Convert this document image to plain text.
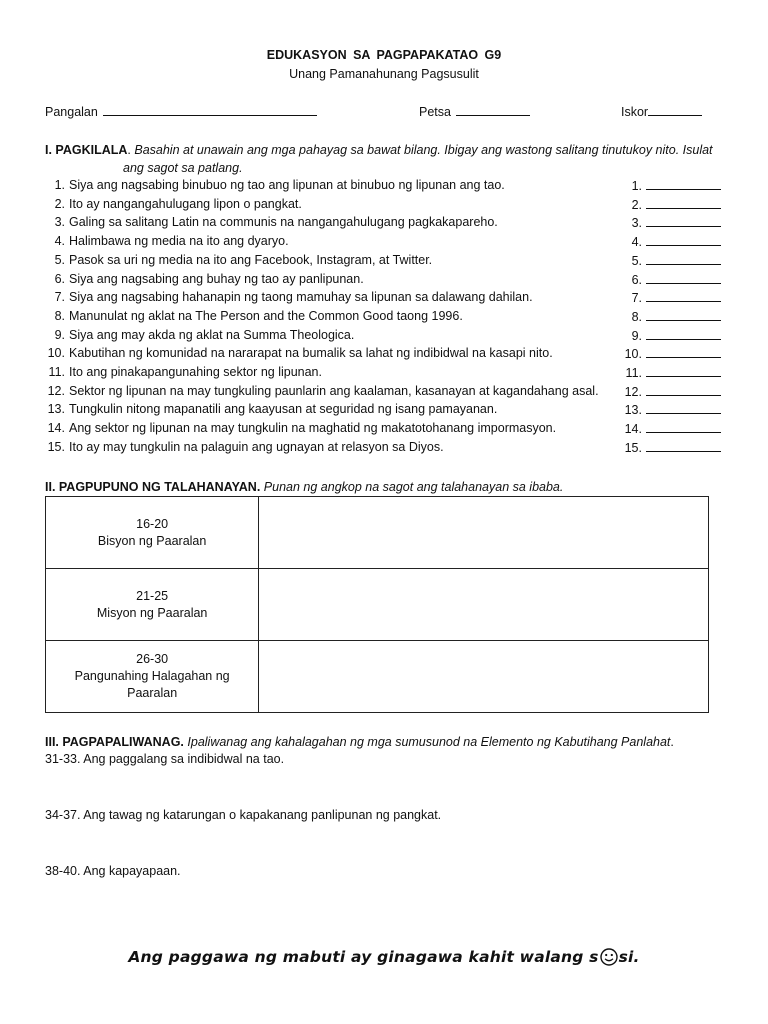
EDUKASYON SA PAGPAPAKATAO G9
Unang Pamanahunang Pagsusulit
Pangalan	Petsa	Iskor
I. PAGKILALA. Basahin at unawain ang mga pahayag sa bawat bilang. Ibigay ang wastong salitang tinutukoy nito. Isulat
ang sagot sa patlang.
1. Siya ang nagsabing binubuo ng tao ang lipunan at binubuo ng lipunan ang tao.	1.
2. Ito ay nangangahulugang lipon o pangkat.	2.
3. Galing sa salitang Latin na communis na nangangahulugang pagkakapareho.	3.
4. Halimbawa ng media na ito ang dyaryo.	4.
5. Pasok sa uri ng media na ito ang Facebook, Instagram, at Twitter.	5.
6. Siya ang nagsabing ang buhay ng tao ay panlipunan.	6.
7. Siya ang nagsabing hahanapin ng taong mamuhay sa lipunan sa dalawang dahilan.	7.
8. Manunulat ng aklat na The Person and the Common Good taong 1996.	8.
9. Siya ang may akda ng aklat na Summa Theologica.	9.
10. Kabutihan ng komunidad na nararapat na bumalik sa lahat ng indibidwal na kasapi nito.	10.
11. Ito ang pinakapangunahing sektor ng lipunan.	11.
12. Sektor ng lipunan na may tungkuling paunlarin ang kaalaman, kasanayan at kagandahang asal.	12.
13. Tungkulin nitong mapanatili ang kaayusan at seguridad ng isang pamayanan.	13.
14. Ang sektor ng lipunan na may tungkulin na maghatid ng makatotohanang impormasyon.	14.
15. Ito ay may tungkulin na palaguin ang ugnayan at relasyon sa Diyos.	15.
II. PAGPUPUNO NG TALAHANAYAN. Punan ng angkop na sagot ang talahanayan sa ibaba.
16-20
Bisyon ng Paaralan	

21-25
Misyon ng Paaralan	

26-30
Pangunahing Halagahan ng Paaralan	

III. PAGPAPALIWANAG. Ipaliwanag ang kahalagahan ng mga sumusunod na Elemento ng Kabutihang Panlahat.
31-33. Ang paggalang sa indibidwal na tao.
34-37. Ang tawag ng katarungan o kapakanang panlipunan ng pangkat.
38-40. Ang kapayapaan.
Ang paggawa ng mabuti ay ginagawa kahit walang s si.
